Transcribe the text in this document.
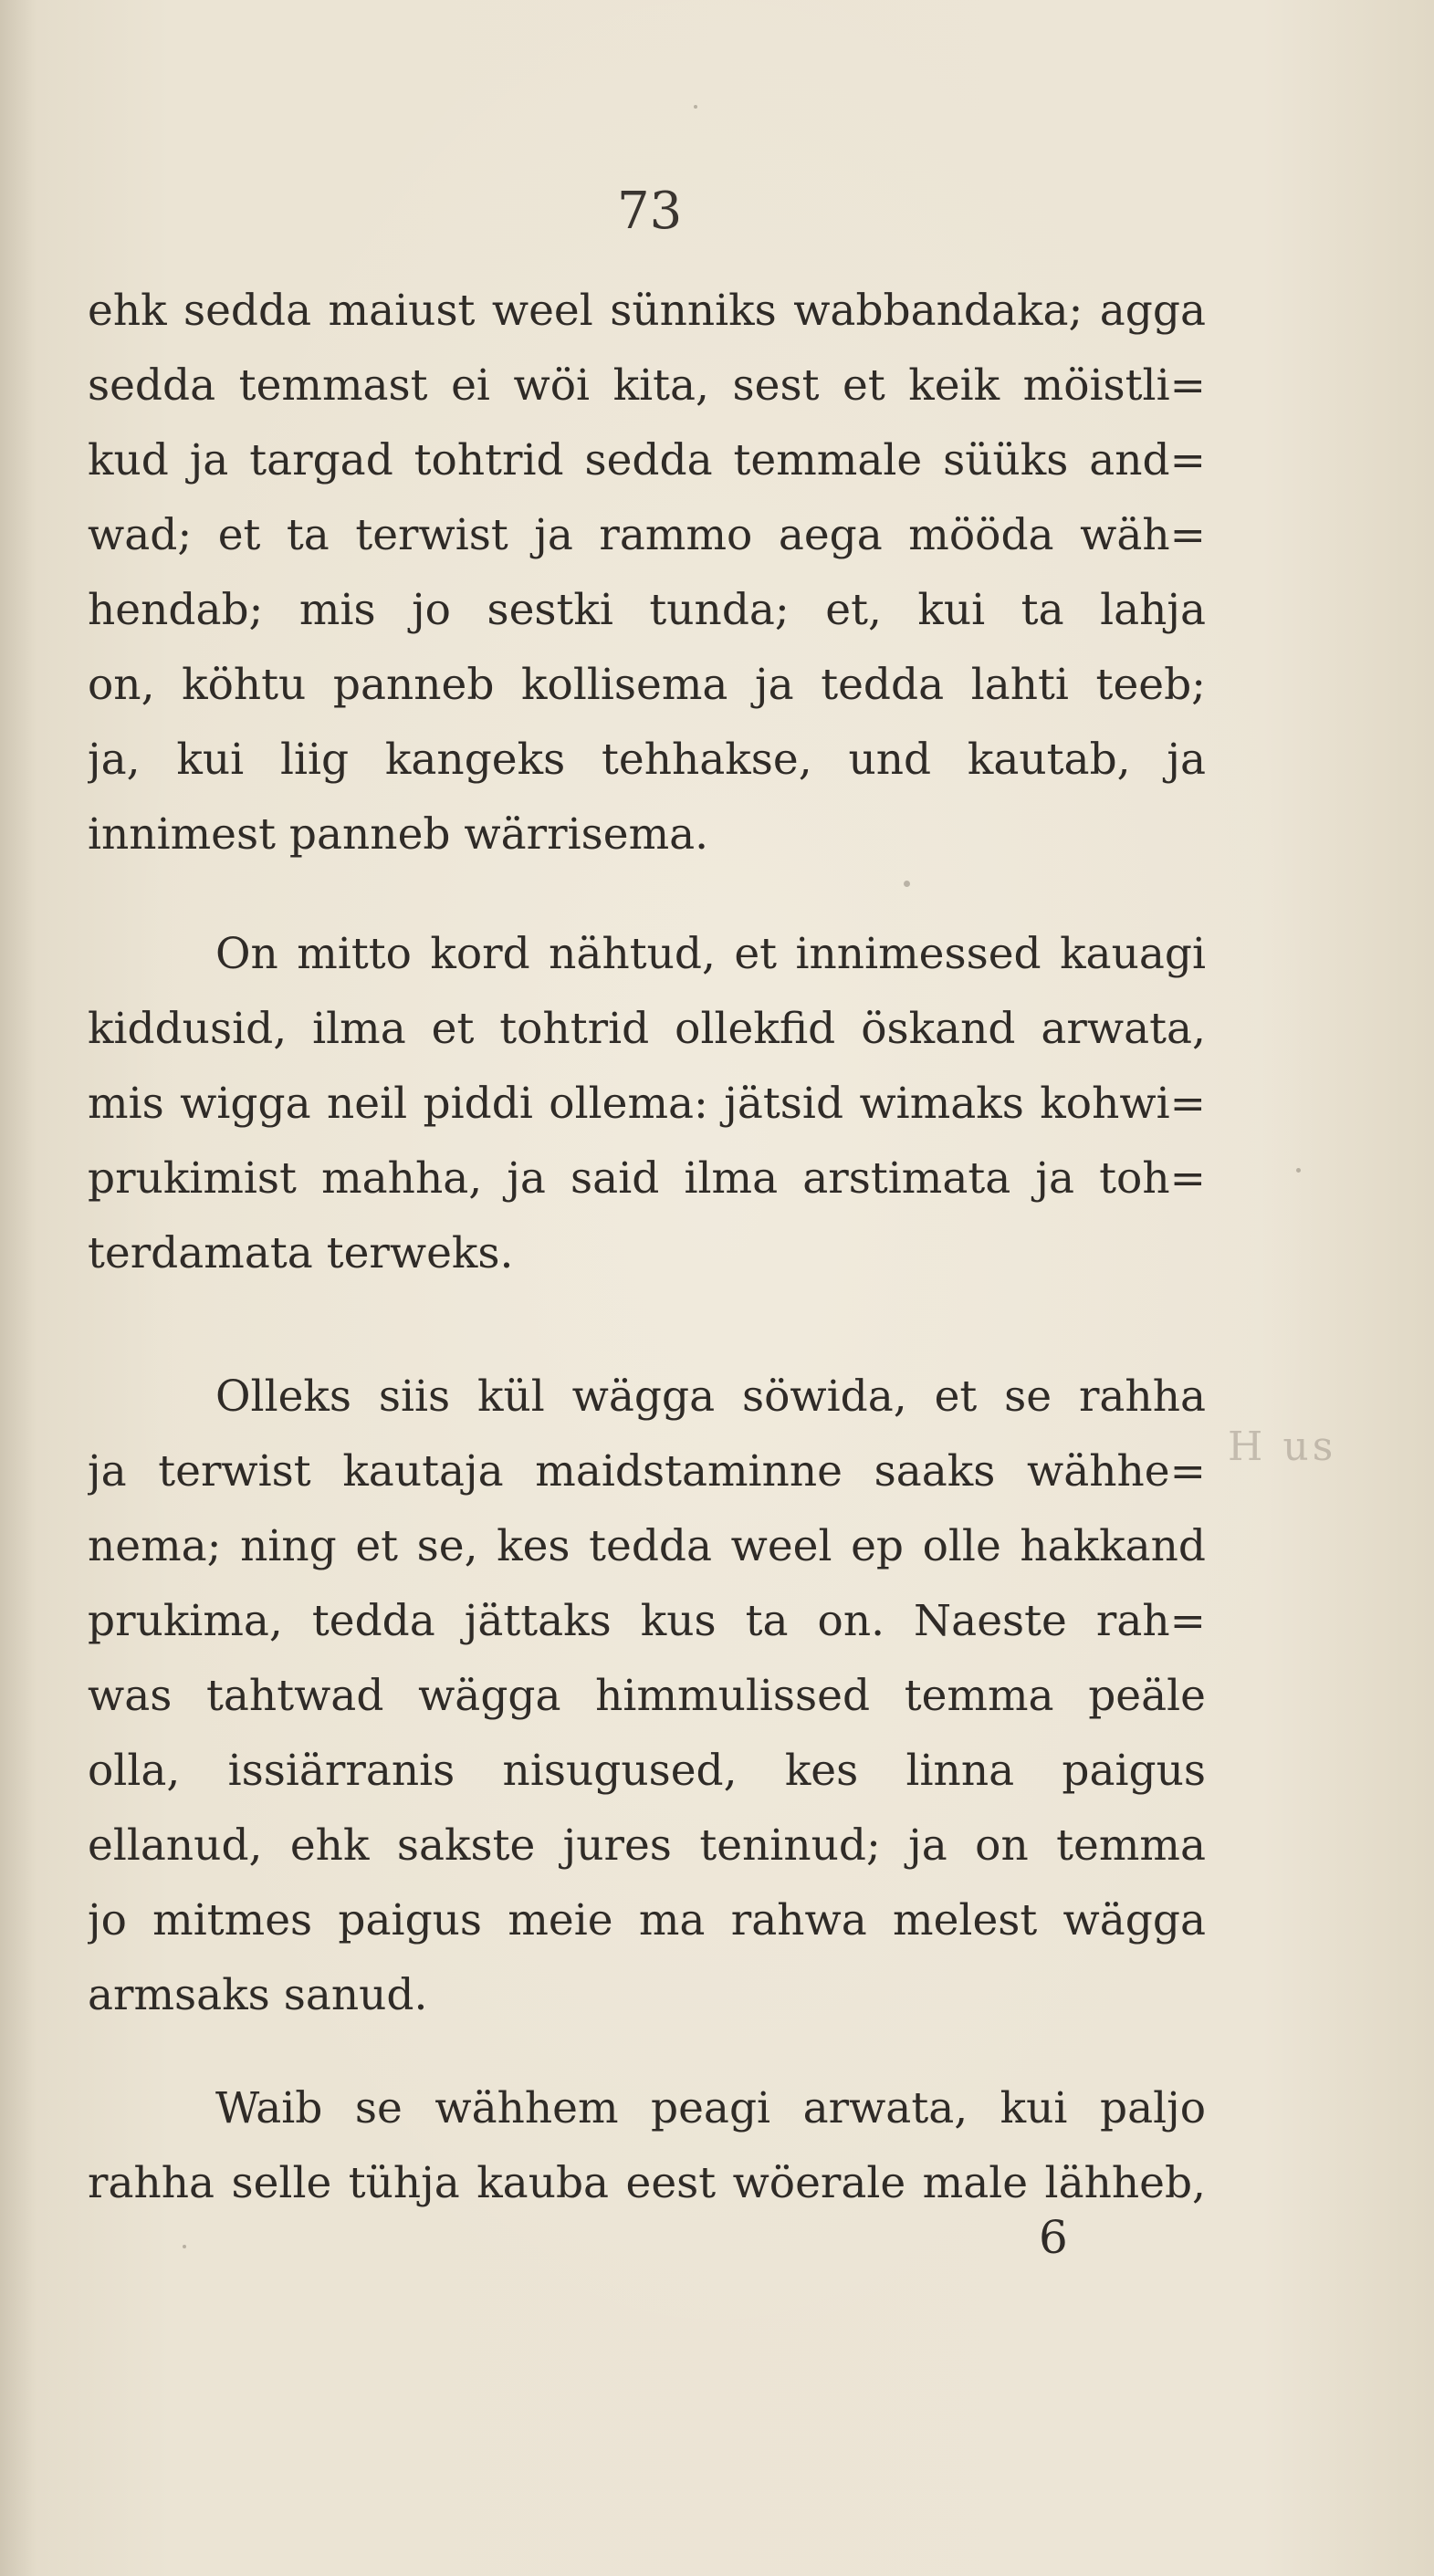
73
H us
ehk sedda maiust weel sünniks wabbandaka; agga
sedda temmast ei wöi kita, sest et keik möistli=
kud ja targad tohtrid sedda temmale süüks and=
wad; et ta terwist ja rammo aega mööda wäh=
hendab; mis jo sestki tunda; et, kui ta lahja
on, köhtu panneb kollisema ja tedda lahti teeb;
ja, kui liig kangeks tehhakse, und kautab, ja
innimest panneb wärrisema.
On mitto kord nähtud, et innimessed kauagi
kiddusid, ilma et tohtrid ollekfid öskand arwata,
mis wigga neil piddi ollema: jätsid wimaks kohwi=
prukimist mahha, ja said ilma arstimata ja toh=
terdamata terweks.
Olleks siis kül wägga söwida, et se rahha
ja terwist kautaja maidstaminne saaks wähhe=
nema; ning et se, kes tedda weel ep olle hakkand
prukima, tedda jättaks kus ta on. Naeste rah=
was tahtwad wägga himmulissed temma peäle
olla, issiärranis nisugused, kes linna paigus
ellanud, ehk sakste jures teninud; ja on temma
jo mitmes paigus meie ma rahwa melest wägga
armsaks sanud.
Waib se wähhem peagi arwata, kui paljo
rahha selle tühja kauba eest wöerale male lähheb,
6
